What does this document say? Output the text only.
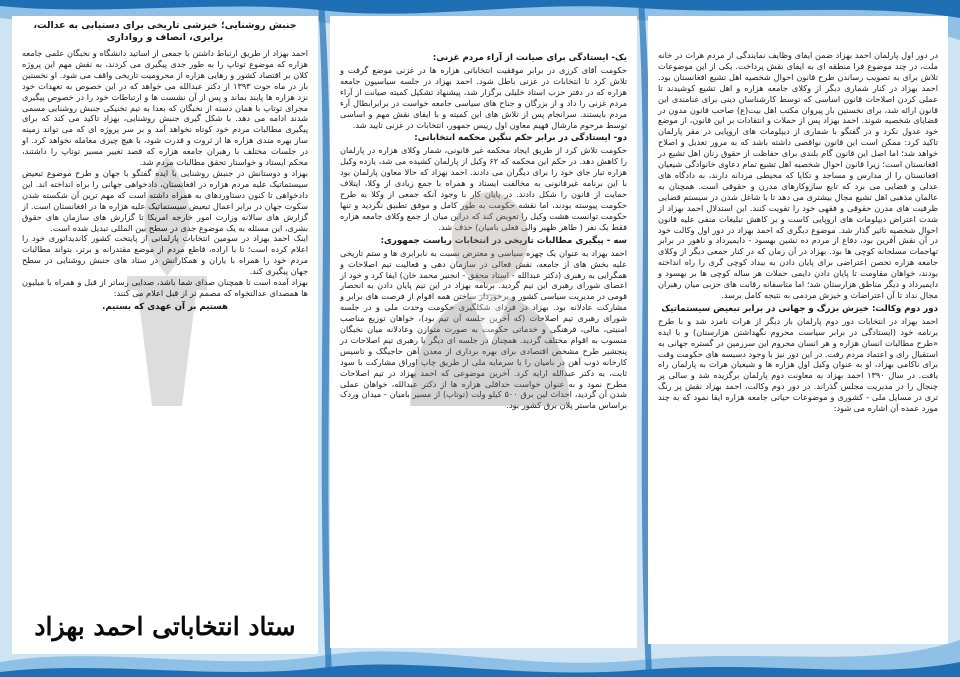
در دور اول پارلمان احمد بهزاد ضمن ایفای وظایف نمایندگی از مردم هرات در خانه ملت، در چند موضوع فرا منطقه ای به ایفای نقش پرداخت. یکی از این موضوعات تلاش برای به تصویب رساندن طرح قانون احوال شخصیه اهل تشیع افغانستان بود. احمد بهزاد در کنار شماری دیگر از وکلای جامعه هزاره و اهل تشیع کوشیدند تا عملی کردن اصلاحات قانون اساسی که توسط کارشناسان دینی برای غنامندی این قانون ارائه شد، برای نخستین بار پیروان مکتب اهل بیت(ع) صاحب قانون مدون در قضایای شخصیه شوند. احمد بهزاد پس از حملات و انتقادات بر این قانون، از موضع خود عدول نکرد و در گفتگو با شماری از دیپلومات های اروپایی در مقر پارلمان تاکید کرد: ممکن است این قانون نواقصی داشته باشد که به مرور تعدیل و اصلاح خواهد شد؛ اما اصل این قانون گام بلندی برای حفاظت از حقوق زنان اهل تشیع در افغانستان است؛ زیرا قانون احوال شخصیه اهل تشیع تمام دعاوی خانوادگی شیعیان افغانستان را از مدارس و مساجد و تکایا که محیطی مردانه دارند، به دادگاه های عدلی و قضایی می برد که تابع سازوکارهای مدرن و حقوقی است. همچنان به عالمان مذهبی اهل تشیع مجال بیشتری می دهد تا با شاغل شدن در سیستم قضایی ظرفیت های مدرن حقوقی و فقهی خود را تقویت کنند. این استدلال احمد بهزاد از شدت اعتراض دیپلومات های اروپایی کاست و بر کاهش تبلیغات منفی علیه قانون احوال شخصیه تاثیر گذار شد. موضوع دیگری که احمد بهزاد در دور اول وکالت خود در آن نقش آفرین بود، دفاع از مردم ده نشین بهسود - دایمیرداد و ناهور در برابر تهاجمات مسلحانه کوچی ها بود. بهزاد در آن زمان که در کنار جمعی دیگر از وکلای جامعه هزاره تحصن اعتراضی برای پایان دادن به بیداد کوچی گری را راه انداخته بودند، خواهان مقاومت تا پایان دادن دایمی حملات هر ساله کوچی ها بر بهسود و دایمیرداد و دیگر مناطق هزارستان شد؛ اما متاسفانه رقابت های حزبی میان رهبران مجال نداد تا آن اعتراضات و خیزش مردمی به نتیجه کامل برسد.

دور دوم وکالت: خیزش بزرگ و جهانی در برابر تبعیض سیستماتیک

احمد بهزاد در انتخابات دور دوم پارلمان بار دیگر از هرات نامزد شد و با طرح برنامه خود (ایستادگی در برابر سیاست محروم نگهداشتن هزارستان) و با ایده «طرح مطالبات انسان هزاره و هر انسان محروم این سرزمین در گستره جهانی به استقبال رای و اعتماد مردم رفت. در این دور نیز با وجود دسیسه های حکومت وقت برای ناکامی بهزاد، او به عنوان وکیل اول هزاره ها و شیعیان هرات به پارلمان راه یافت. در سال ۱۳۹۰ احمد بهزاد به معاونت دوم پارلمان برگزیده شد و سالی پر چنجال را در مدیریت مجلس گذراند. در دور دوم وکالت، احمد بهزاد نقش پر رنگ تری در مسایل ملی - کشوری و موضوعات حیاتی جامعه هزاره ایفا نمود که به چند مورد عمده آن اشاره می شود:

یک- ایستادگی برای صیانت از آراء مردم غزنی:

حکومت آقای کرزی در برابر موفقیت انتخاباتی هزاره ها در غزنی موضع گرفت و تلاش کرد تا انتخابات در غزنی باطل شود. احمد بهزاد در جلسه سیاسیون جامعه هزاره که در دفتر حزب استاد خلیلی برگزار شد، پیشنهاد تشکیل کمیته صیانت از آراء مردم غزنی را داد و از بزرگان و جناح های سیاسی جامعه خواست در برابرابطال آرء مردم بایستند. سرانجام پس از تلاش های این کمیته و با ایفای نقش مهم و اساسی توسط مرحوم مارشال فهیم معاون اول رییس جمهور، انتخابات در غزنی تایید شد.

دو- ایستادگی در برابر حکم ننگین محکمه انتخاباتی:

حکومت تلاش کرد از طریق ایجاد محکمه غیر قانونی، شمار وکلای هزاره در پارلمان را کاهش دهد. در حکم این محکمه که ۶۲ وکیل از پارلمان کشیده می شد، یازده وکیل هزاره تبار جای خود را برای دیگران می دادند. احمد بهزاد که حالا معاون پارلمان بود با این برنامه غیرقانونی به مخالفت ایستاد و همراه با جمع زیادی از وکلا، ایتلاف حمایت از قانون را شکل دادند. در پایان کار با وجود آنکه جمعی از وکلا به طرح حکومت پیوسته بودند، اما نقشه حکومت به طور کامل و موفق تطبیق نگردید و تنها حکومت توانست هشت وکیل را تعویض کند که دراین میان از جمع وکلای جامعه هزاره فقط یک نفر ( طاهر ظهیر والی فعلی بامیان) حذف شد.

سه - پیگیری مطالبات تاریخی در انتخابات ریاست جمهوری:

احمد بهزاد به عنوان یک چهره سیاسی و معترض نسبت به نابرابری ها و ستم تاریخی علیه بخش های از جامعه، نقش فعالی در سازمان دهی و فعالیت تیم اصلاحات و همگرایی به رهبری (دکتر عبدالله - استاد محقق - انجنیر محمد خان) ایفا کرد و خود از اعضای شورای رهبری این تیم گردید. برنامه بهزاد در این تیم پایان دادن به انحصار قومی در مدیریت سیاسی کشور و برخوردار ساختن همه اقوام از فرصت های برابر و مشارکت عادلانه بود. بهزاد در فردای شکلگیری حکومت وحدت ملی و در جلسه شورای رهبری تیم اصلاحات (که آخرین جلسه آن تیم بود)، خواهان توزیع مناصب امنیتی، مالی، فرهنگی و خدماتی حکومت به صورت متوازن وعادلانه میان نخبگان منسوب به اقوام مختلف گردید. همچنان در جلسه ای دیگر با رهبری تیم اصلاحات در پنجشیر طرح مشخص اقتصادی برای بهره برداری از معدن آهن حاجیگک و تاسیس کارخانه ذوب آهن در بامیان را با سرمایه ملی از طریق چاپ اوراق مشارکت با سود ثابت، به دکتر عبدالله ارایه کرد. آخرین موضوعی که احمد بهزاد در تیم اصلاحات مطرح نمود و به عنوان خواست حداقلی هزاره ها از دکتر عبدالله، خواهان عملی شدن آن گردید، احداث لین برق ۵۰۰ کیلو ولت (توتاپ) از مسیر بامیان - میدان وردک براساس ماستر پلان برق کشور بود.

جنبش روشنایی؛ خیزشی تاریخی برای دستیابی به عدالت، برابری، انصاف و رواداری

احمد بهزاد از طریق ارتباط داشتن با جمعی از اساتید دانشگاه و نخبگان علمی جامعه هزاره که موضوع توتاپ را به طور جدی پیگیری می کردند، به نقش مهم این پروژه کلان بر اقتصاد کشور و رهایی هزاره از محرومیت تاریخی واقف می شود. او نخستین بار در ماه حوت ۱۳۹۳ از دکتر عبدالله می خواهد که در این خصوص به تعهدات خود نزد هزاره ها پابند بماند و پس از آن نشست ها و ارتباطات خود را در خصوص پیگیری مجرای توتاپ با همان دسته از نخبگان که بعدا به تیم تخنیکی جنبش روشنایی مسمی شدند ادامه می دهد. با شکل گیری جنبش روشنایی، بهزاد تاکید می کند که برای پیگیری مطالبات مردم خود کوتاه نخواهد آمد و بر سر پروژه ای که می تواند زمینه ساز بهره مندی هزاره ها از ثروت و قدرت شود، با هیچ چیزی معامله نخواهد کرد. او در جلسات مختلف با رهبران جامعه هزاره که قصد تغییر مسیر توتاپ را داشتند، محکم ایستاد و خواستار تحقق مطالبات مردم شد.

بهزاد و دوستانش در جنبش روشنایی با ایده گفتگو با جهان و طرح موضوع تبعیض سیستماتیک علیه مردم هزاره در افغانستان، دادخواهی جهانی را براه انداخته اند. این دادخواهی تا کنون دستاوردهای به همراه داشته است که مهم ترین آن شکسته شدن سکوت جهان در برابر اعمال تبعیض سیستماتیک علیه هزاره ها در افغانستان است. از گزارش های سالانه وزارت امور خارجه امریکا تا گزارش های سازمان های حقوق بشری، این مسئله به یک موضوع جدی در سطح بین المللی تبدیل شده است.

اینک احمد بهزاد در سومین انتخابات پارلمانی از پایتخت کشور کاندیداتوری خود را اعلام کرده است؛ تا با اراده، قاطع مردم از موضع مقتدرانه و برتر، بتواند مطالبات مردم خود را همراه با یاران و همکارانش در ستاد های جنبش روشنایی در سطح جهان پیگیری کند.

بهزاد آمده است تا همچنان صدای شما باشد، صدایی رساتر از قبل و همراه با میلیون ها همصدای عدالتخواه که مصمم تر از قبل اعلام می کنند:

هستیم بر آن عهدی که بستیم.

ستاد انتخاباتی احمد بهزاد
